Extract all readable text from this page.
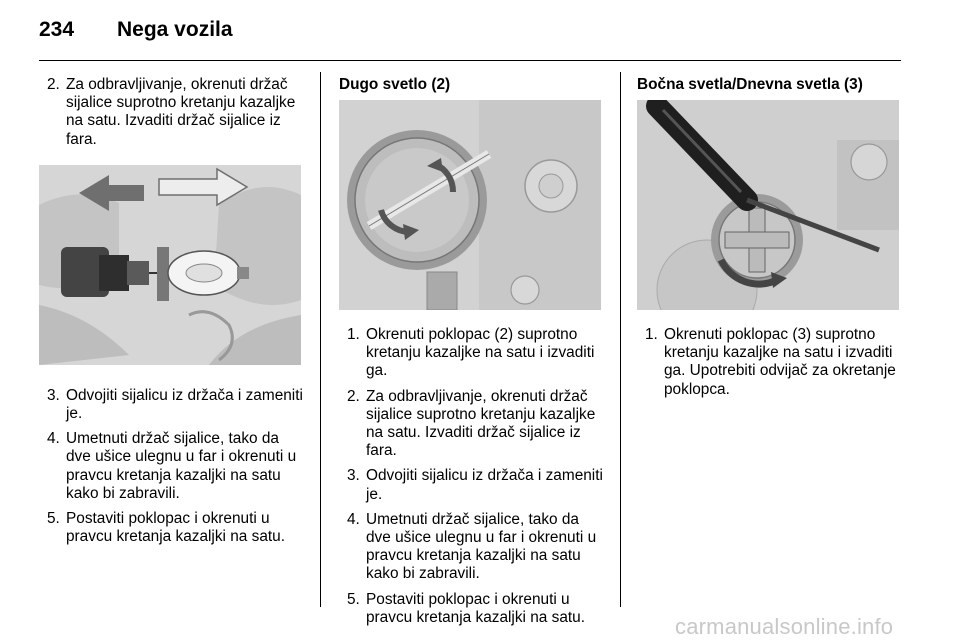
234 Nega vozila
2. Za odbravljivanje, okrenuti držač sijalice suprotno kretanju kazaljke na satu. Izvaditi držač sijalice iz fara.
3. Odvojiti sijalicu iz držača i zameniti je.
4. Umetnuti držač sijalice, tako da dve ušice ulegnu u far i okrenuti u pravcu kretanja kazaljki na satu kako bi zabravili.
5. Postaviti poklopac i okrenuti u pravcu kretanja kazaljki na satu.
Dugo svetlo (2)
1. Okrenuti poklopac (2) suprotno kretanju kazaljke na satu i izvaditi ga.
2. Za odbravljivanje, okrenuti držač sijalice suprotno kretanju kazaljke na satu. Izvaditi držač sijalice iz fara.
3. Odvojiti sijalicu iz držača i zameniti je.
4. Umetnuti držač sijalice, tako da dve ušice ulegnu u far i okrenuti u pravcu kretanja kazaljki na satu kako bi zabravili.
5. Postaviti poklopac i okrenuti u pravcu kretanja kazaljki na satu.
Bočna svetla/Dnevna svetla (3)
1. Okrenuti poklopac (3) suprotno kretanju kazaljke na satu i izvaditi ga. Upotrebiti odvijač za okretanje poklopca.
carmanualsonline.info
